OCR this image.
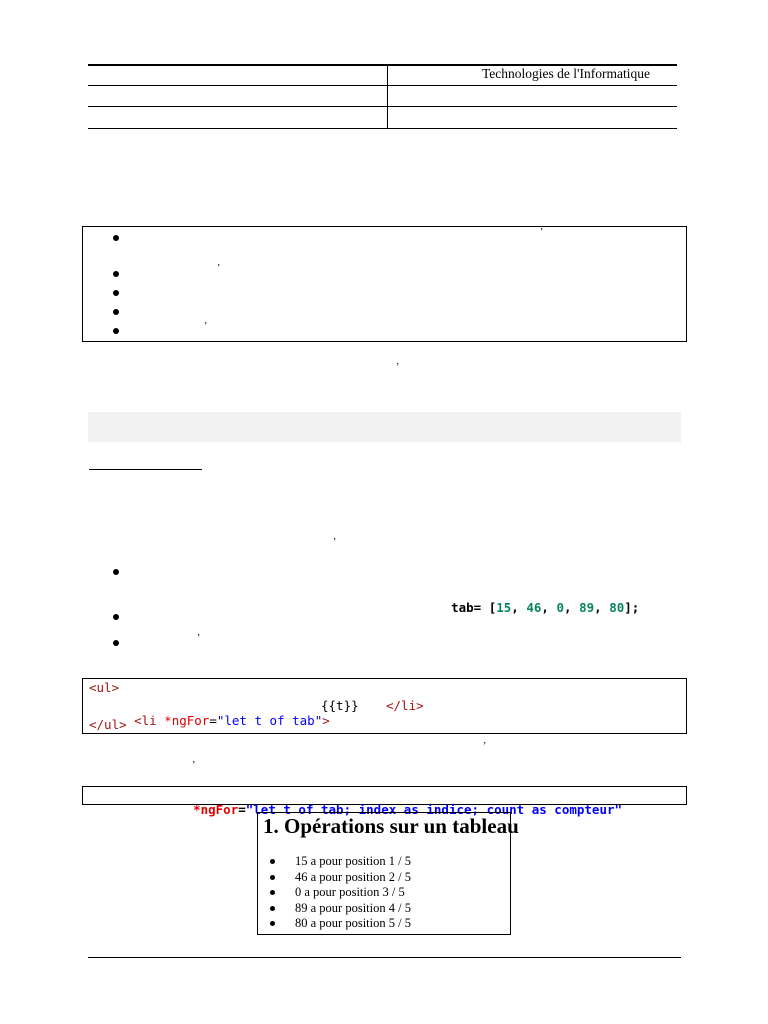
Technologies de l'Informatique
’
’
’
’
’

tab= [15, 46, 0, 89, 80];

’
<ul>

<li *ngFor="let t of tab">

{{t}} </li>
</ul>
’
’

*ngFor="let t of tab; index as indice; count as compteur"

1. Opérations sur un tableau
15 a pour position 1 / 5
46 a pour position 2 / 5
0 a pour position 3 / 5
89 a pour position 4 / 5
80 a pour position 5 / 5
